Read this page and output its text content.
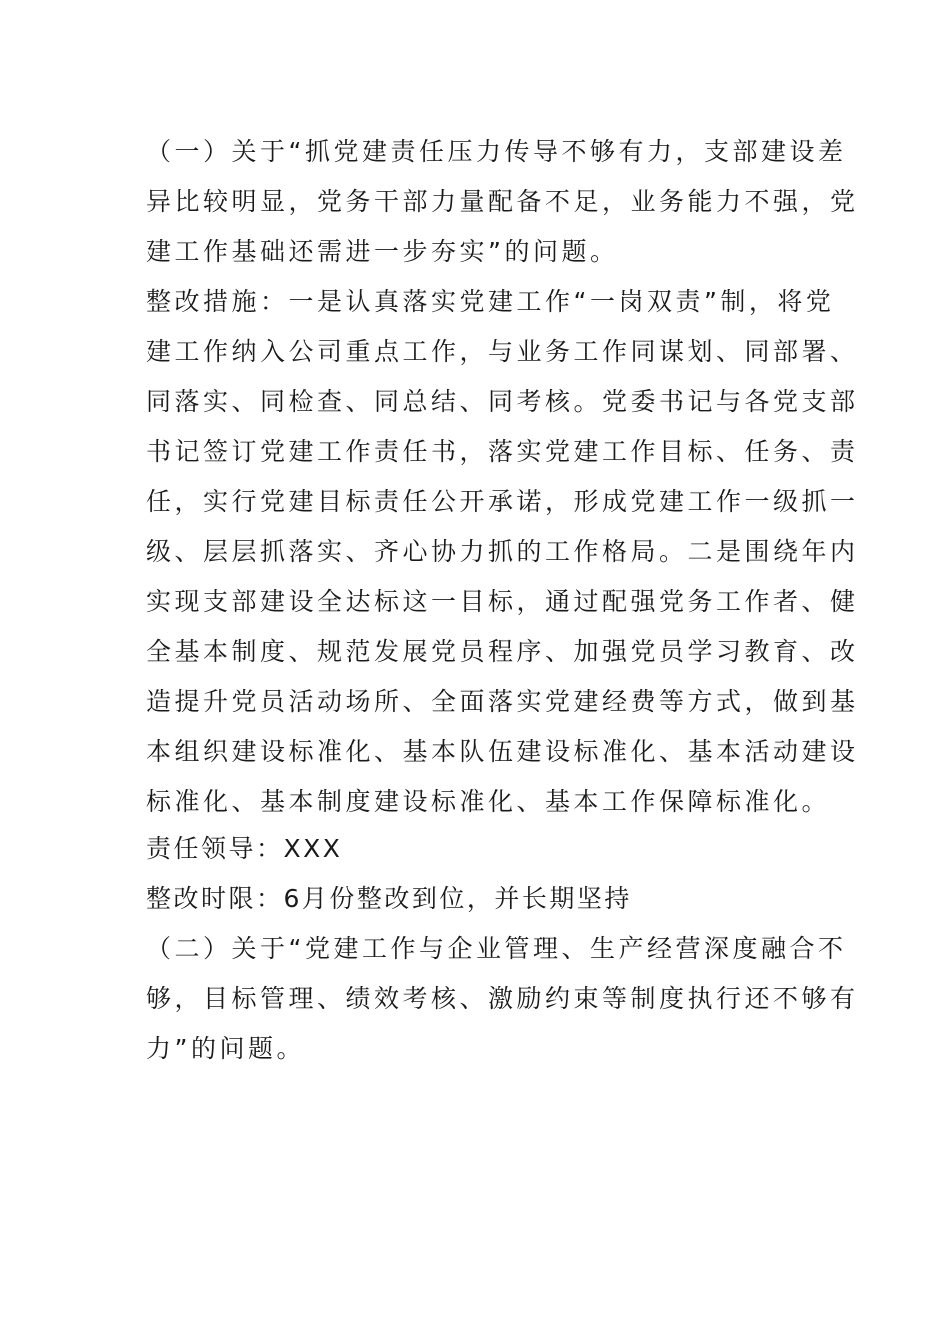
（一）关于“抓党建责任压力传导不够有力，支部建设差
异比较明显，党务干部力量配备不足，业务能力不强，党
建工作基础还需进一步夯实”的问题。
整改措施：一是认真落实党建工作“一岗双责”制，将党
建工作纳入公司重点工作，与业务工作同谋划、同部署、
同落实、同检查、同总结、同考核。党委书记与各党支部
书记签订党建工作责任书，落实党建工作目标、任务、责
任，实行党建目标责任公开承诺，形成党建工作一级抓一
级、层层抓落实、齐心协力抓的工作格局。二是围绕年内
实现支部建设全达标这一目标，通过配强党务工作者、健
全基本制度、规范发展党员程序、加强党员学习教育、改
造提升党员活动场所、全面落实党建经费等方式，做到基
本组织建设标准化、基本队伍建设标准化、基本活动建设
标准化、基本制度建设标准化、基本工作保障标准化。
责任领导：XXX
整改时限：6月份整改到位，并长期坚持
（二）关于“党建工作与企业管理、生产经营深度融合不
够，目标管理、绩效考核、激励约束等制度执行还不够有
力”的问题。
